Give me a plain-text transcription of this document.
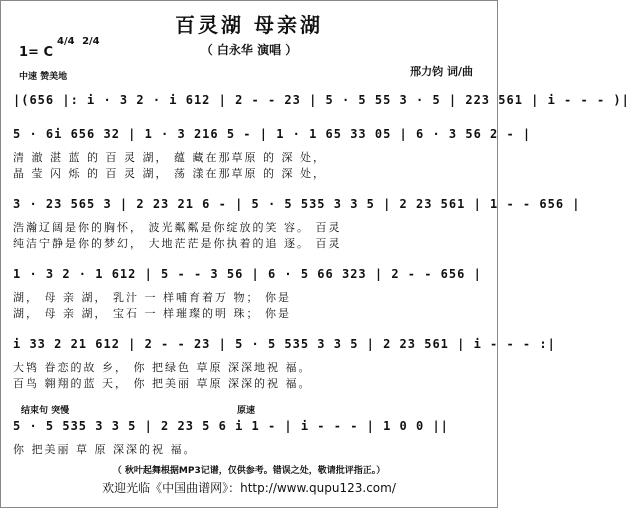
百灵湖 母亲湖
（ 白永华 演唱 ）
1= C
4/4 2/4
中速 赞美地	邢力钧 词/曲
|(656 |: i · 3 2 · i 612 | 2 - - 23 | 5 · 5 55 3 · 5 | 223 561 | i - - - )|
5 · 6i 656 32 | 1 · 3 216 5 - | 1 · 1 65 33 05 | 6 · 3 56 2 - |
清 澈 湛 蓝 的 百 灵 湖， 蕴 藏在那草原 的 深 处，
晶 莹 闪 烁 的 百 灵 湖， 荡 漾在那草原 的 深 处，
3 · 23 565 3 | 2 23 21 6 - | 5 · 5 535 3 3 5 | 2 23 561 | 1 - - 656 |
浩瀚辽阔是你的胸怀， 波光粼粼是你绽放的笑 容。 百灵
纯洁宁静是你的梦幻， 大地茫茫是你执着的追 逐。 百灵
1 · 3 2 · 1 612 | 5 - - 3 56 | 6 · 5 66 323 | 2 - - 656 |
湖， 母 亲 湖， 乳汁 一 样哺育着万 物； 你是
湖， 母 亲 湖， 宝石 一 样璀璨的明 珠； 你是
i 33 2 21 612 | 2 - - 23 | 5 · 5 535 3 3 5 | 2 23 561 | i - - - :|
大鸨 眷恋的故 乡， 你 把绿色 草原 深深地祝 福。
百鸟 翱翔的蓝 天， 你 把美丽 草原 深深的祝 福。
结束句 突慢	原速
5 · 5 535 3 3 5 | 2 23 5 6 i 1 - | i - - - | 1 0 0 ||
你 把美丽 草 原 深深的祝 福。
（ 秋叶起舞根据MP3记谱，仅供参考。错误之处，敬请批评指正。）
欢迎光临《中国曲谱网》：http://www.qupu123.com/
